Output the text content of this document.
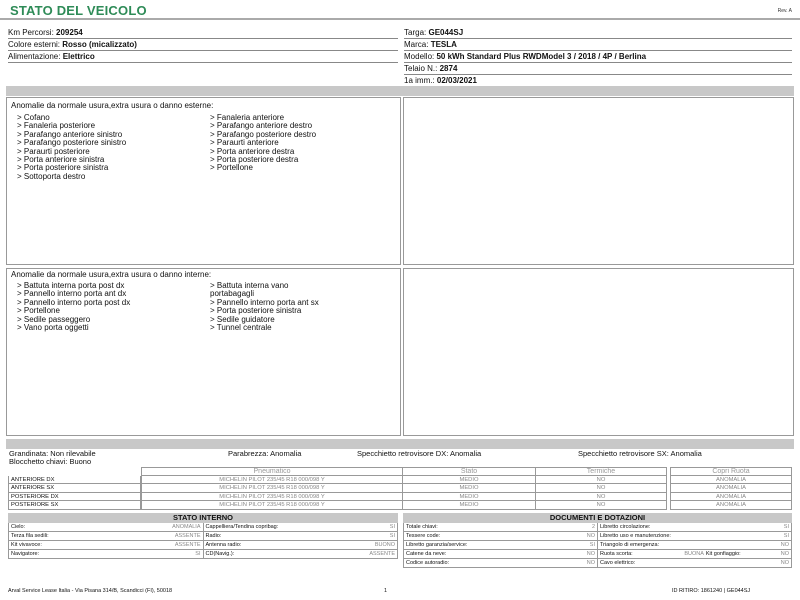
STATO DEL VEICOLO	Rev. A
Km Percorsi: 209254
Colore esterni: Rosso (micalizzato)
Alimentazione: Elettrico
Targa: GE044SJ
Marca: TESLA
Modello: 50 kWh Standard Plus RWDModel 3 / 2018 / 4P / Berlina
Telaio N.: 2874
1a imm.: 02/03/2021
Anomalie da normale usura,extra usura o danno esterne:
> Cofano
> Fanaleria posteriore
> Parafango anteriore sinistro
> Parafango posteriore sinistro
> Paraurti posteriore
> Porta anteriore sinistra
> Porta posteriore sinistra
> Sottoporta destro
> Fanaleria anteriore
> Parafango anteriore destro
> Parafango posteriore destro
> Paraurti anteriore
> Porta anteriore destra
> Porta posteriore destra
> Portellone
Anomalie da normale usura,extra usura o danno interne:
> Battuta interna porta post dx
> Pannello interno porta ant dx
> Pannello interno porta post dx
> Portellone
> Sedile passeggero
> Vano porta oggetti
> Battuta interna vano
portabagagli
> Pannello interno porta ant sx
> Porta posteriore sinistra
> Sedile guidatore
> Tunnel centrale
Grandinata: Non rilevabile	Parabrezza: Anomalia	Specchietto retrovisore DX: Anomalia	Specchietto retrovisore SX: Anomalia
Blocchetto chiavi: Buono
Pneumatico	Stato	Termiche	Copri Ruota
ANTERIORE DX	MICHELIN PILOT 235/45 R18 000/098 Y	MEDIO	NO	ANOMALIA
ANTERIORE SX	MICHELIN PILOT 235/45 R18 000/098 Y	MEDIO	NO	ANOMALIA
POSTERIORE DX	MICHELIN PILOT 235/45 R18 000/098 Y	MEDIO	NO	ANOMALIA
POSTERIORE SX	MICHELIN PILOT 235/45 R18 000/098 Y	MEDIO	NO	ANOMALIA
STATO INTERNO
Cielo:	ANOMALIA Cappelliera/Tendina copribag:	SI
Terza fila sedili:	ASSENTE Radio:	SI
Kit vivavoce:	ASSENTE Antenna radio:	BUONO
Navigatore:	SI CD(Navig.):	ASSENTE
DOCUMENTI E DOTAZIONI
Totale chiavi:	2 Libretto circolazione:	SI
Tessere code:	NO Libretto uso e manutenzione:	SI
Libretto garanzia/service:	SI Triangolo di emergenza:	NO
Catene da neve:	NO Ruota scorta:	BUONA Kit gonfiaggio:	NO
Codice autoradio:	NO Cavo elettrico:	NO
Arval Service Lease Italia - Via Pisana 314/B, Scandicci (FI), 50018	1	ID RITIRO: 1861240 | GE044SJ
